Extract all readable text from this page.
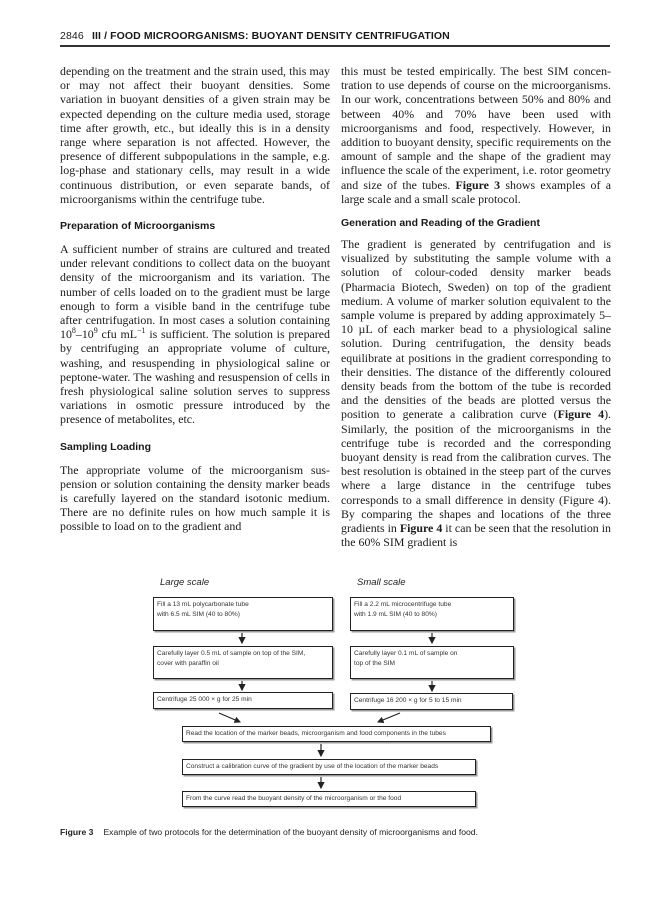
2846 III / FOOD MICROORGANISMS: BUOYANT DENSITY CENTRIFUGATION

depending on the treatment and the strain used, this may or may not affect their buoyant densities. Some variation in buoyant densities of a given strain may be expected depending on the culture media used, storage time after growth, etc., but ideally this is in a density range where separation is not affected. However, the presence of different subpopulations in the sample, e.g. log-phase and stationary cells, may result in a wide continuous distribution, or even separate bands, of microorganisms within the centrifuge tube.

Preparation of Microorganisms

A sufficient number of strains are cultured and treated under relevant conditions to collect data on the buoyant density of the microorganism and its variation. The number of cells loaded on to the gradient must be large enough to form a visible band in the centrifuge tube after centrifugation. In most cases a solution containing $10^8-10^9$ cfu $mL^{-1}$ is sufficient. The solution is prepared by centrifuging an appropriate volume of culture, washing, and resuspending in physiological saline or peptone-water. The washing and resuspension of cells in fresh physiological saline solution serves to suppress variations in osmotic pressure introduced by the presence of metabolites, etc.

Sampling Loading

The appropriate volume of the microorganism suspension or solution containing the density marker beads is carefully layered on the standard isotonic medium. There are no definite rules on how much sample it is possible to load on to the gradient and

this must be tested empirically. The best SIM concentration to use depends of course on the microorganisms. In our work, concentrations between 50% and 80% and between 40% and 70% have been used with microorganisms and food, respectively. However, in addition to buoyant density, specific requirements on the amount of sample and the shape of the gradient may influence the scale of the experiment, i.e. rotor geometry and size of the tubes. Figure 3 shows examples of a large scale and a small scale protocol.

Generation and Reading of the Gradient

The gradient is generated by centrifugation and is visualized by substituting the sample volume with a solution of colour-coded density marker beads (Pharmacia Biotech, Sweden) on top of the gradient medium. A volume of marker solution equivalent to the sample volume is prepared by adding approximately 5–10 µL of each marker bead to a physiological saline solution. During centrifugation, the density beads equilibrate at positions in the gradient corresponding to their densities. The distance of the differently coloured density beads from the bottom of the tube is recorded and the densities of the beads are plotted versus the position to generate a calibration curve (Figure 4). Similarly, the position of the microorganisms in the centrifuge tube is recorded and the corresponding buoyant density is read from the calibration curves. The best resolution is obtained in the steep part of the curves where a large distance in the centrifuge tubes corresponds to a small difference in density (Figure 4). By comparing the shapes and locations of the three gradients in Figure 4 it can be seen that the resolution in the 60% SIM gradient is

Large scale	Small scale
Fill a 13 mL polycarbonate tube
with 6.5 mL SIM (40 to 80%)
Carefully layer 0.5 mL of sample on top of the SIM,
cover with paraffin oil
Centrifuge 25 000 × g for 25 min
Fill a 2.2 mL microcentrifuge tube
with 1.9 mL SIM (40 to 80%)
Carefully layer 0.1 mL of sample on
top of the SIM
Centrifuge 16 200 × g for 5 to 15 min
Read the location of the marker beads, microorganism and food components in the tubes
Construct a calibration curve of the gradient by use of the location of the marker beads
From the curve read the buoyant density of the microorganism or the food
Figure 3 Example of two protocols for the determination of the buoyant density of microorganisms and food.
